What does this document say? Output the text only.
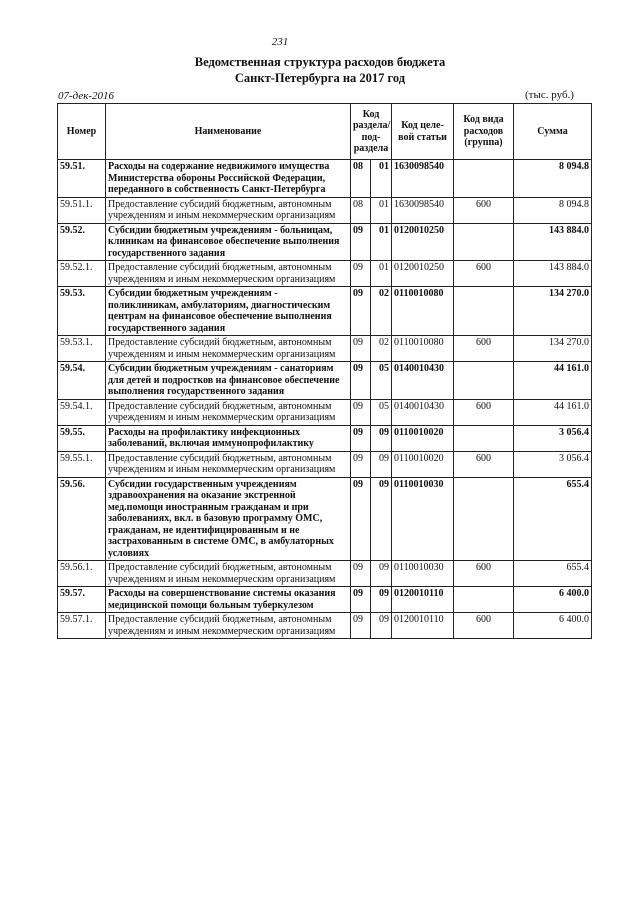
231
Ведомственная структура расходов бюджета
Санкт-Петербурга на 2017 год
07-дек-2016	(тыс. руб.)
Номер	Наименование	Код раздела/ под- раздела		Код целе- вой статьи	Код вида расходов (группа)	Сумма
59.51.	Расходы на содержание недвижимого имущества Министерства обороны Российской Федерации, переданного в собственность Санкт-Петербурга	08	01	1630098540		8 094.8
59.51.1.	Предоставление субсидий бюджетным, автономным учреждениям и иным некоммерческим организациям	08	01	1630098540	600	8 094.8
59.52.	Субсидии бюджетным учреждениям - больницам, клиникам на финансовое обеспечение выполнения государственного задания	09	01	0120010250		143 884.0
59.52.1.	Предоставление субсидий бюджетным, автономным учреждениям и иным некоммерческим организациям	09	01	0120010250	600	143 884.0
59.53.	Субсидии бюджетным учреждениям - поликлиникам, амбулаториям, диагностическим центрам на финансовое обеспечение выполнения государственного задания	09	02	0110010080		134 270.0
59.53.1.	Предоставление субсидий бюджетным, автономным учреждениям и иным некоммерческим организациям	09	02	0110010080	600	134 270.0
59.54.	Субсидии бюджетным учреждениям - санаториям для детей и подростков на финансовое обеспечение выполнения государственного задания	09	05	0140010430		44 161.0
59.54.1.	Предоставление субсидий бюджетным, автономным учреждениям и иным некоммерческим организациям	09	05	0140010430	600	44 161.0
59.55.	Расходы на профилактику инфекционных заболеваний, включая иммунопрофилактику	09	09	0110010020		3 056.4
59.55.1.	Предоставление субсидий бюджетным, автономным учреждениям и иным некоммерческим организациям	09	09	0110010020	600	3 056.4
59.56.	Субсидии государственным учреждениям здравоохранения на оказание экстренной мед.помощи иностранным гражданам и при заболеваниях, вкл. в базовую программу ОМС, гражданам, не идентифицированным и не застрахованным в системе ОМС, в амбулаторных условиях	09	09	0110010030		655.4
59.56.1.	Предоставление субсидий бюджетным, автономным учреждениям и иным некоммерческим организациям	09	09	0110010030	600	655.4
59.57.	Расходы на совершенствование системы оказания медицинской помощи больным туберкулезом	09	09	0120010110		6 400.0
59.57.1.	Предоставление субсидий бюджетным, автономным учреждениям и иным некоммерческим организациям	09	09	0120010110	600	6 400.0
